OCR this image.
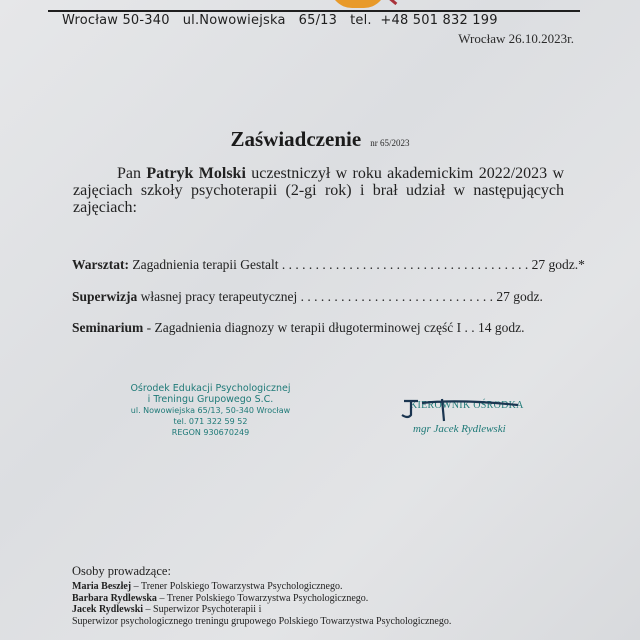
Wrocław 50-340   ul.Nowowiejska   65/13   tel.  +48 501 832 199
Wrocław 26.10.2023r.
Zaświadczenie nr 65/2023
Pan Patryk Molski uczestniczył w roku akademickim 2022/2023 w zajęciach szkoły psychoterapii (2-gi rok) i brał udział w następujących zajęciach:
Warsztat: Zagadnienia terapii Gestalt . . . . . . . . . . . . . . . . . . . . . . . . . . . . . . . . . . . . . 27 godz.*
Superwizja własnej pracy terapeutycznej . . . . . . . . . . . . . . . . . . . . . . . . . . . . . 27 godz.
Seminarium - Zagadnienia diagnozy w terapii długoterminowej część I . . 14 godz.
Ośrodek Edukacji Psychologicznej
i Treningu Grupowego S.C.
ul. Nowowiejska 65/13, 50-340 Wrocław
tel. 071 322 59 52
REGON 930670249
KIEROWNIK OŚRODKA
mgr Jacek Rydlewski
Osoby prowadzące:
Maria Beszłej – Trener Polskiego Towarzystwa Psychologicznego.
Barbara Rydlewska – Trener Polskiego Towarzystwa Psychologicznego.
Jacek Rydlewski – Superwizor Psychoterapii i
Superwizor psychologicznego treningu grupowego Polskiego Towarzystwa Psychologicznego.
